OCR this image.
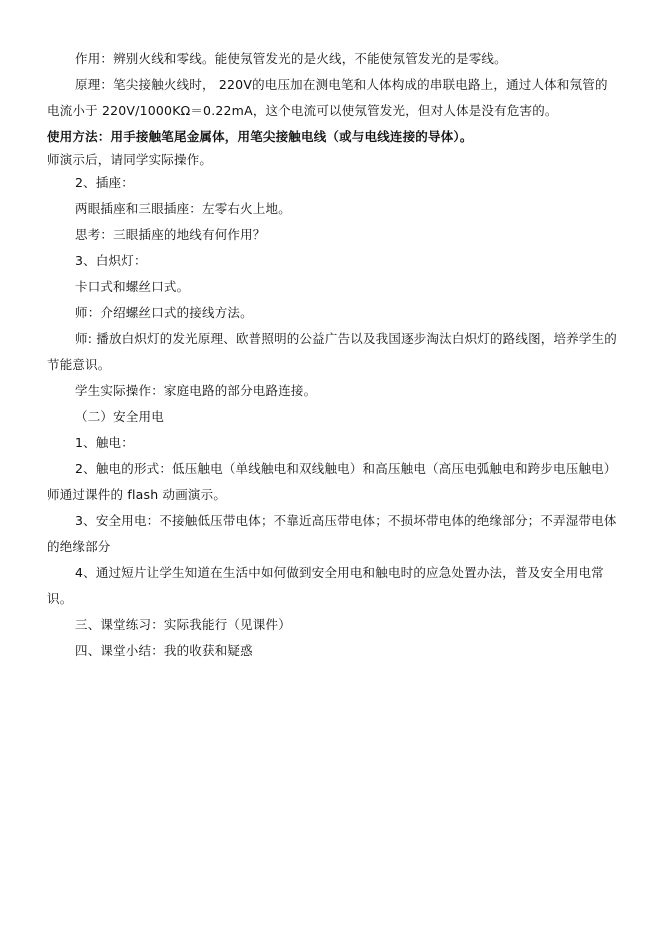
作用：辨别火线和零线。能使氖管发光的是火线，不能使氖管发光的是零线。

原理：笔尖接触火线时， 220V的电压加在测电笔和人体构成的串联电路上，通过人体和氖管的电流小于 220V/1000KΩ＝0.22mA，这个电流可以使氖管发光，但对人体是没有危害的。

使用方法：用手接触笔尾金属体，用笔尖接触电线（或与电线连接的导体）。

师演示后，请同学实际操作。

2、插座：

两眼插座和三眼插座：左零右火上地。

思考：三眼插座的地线有何作用？

3、白炽灯：

卡口式和螺丝口式。

师：介绍螺丝口式的接线方法。

师: 播放白炽灯的发光原理、欧普照明的公益广告以及我国逐步淘汰白炽灯的路线图，培养学生的节能意识。

学生实际操作：家庭电路的部分电路连接。

（二）安全用电

1、触电：

2、触电的形式：低压触电（单线触电和双线触电）和高压触电（高压电弧触电和跨步电压触电）师通过课件的 flash 动画演示。

3、安全用电：不接触低压带电体；不靠近高压带电体；不损坏带电体的绝缘部分；不弄湿带电体的绝缘部分

4、通过短片让学生知道在生活中如何做到安全用电和触电时的应急处置办法，普及安全用电常识。

三、课堂练习：实际我能行（见课件）

四、课堂小结：我的收获和疑惑
